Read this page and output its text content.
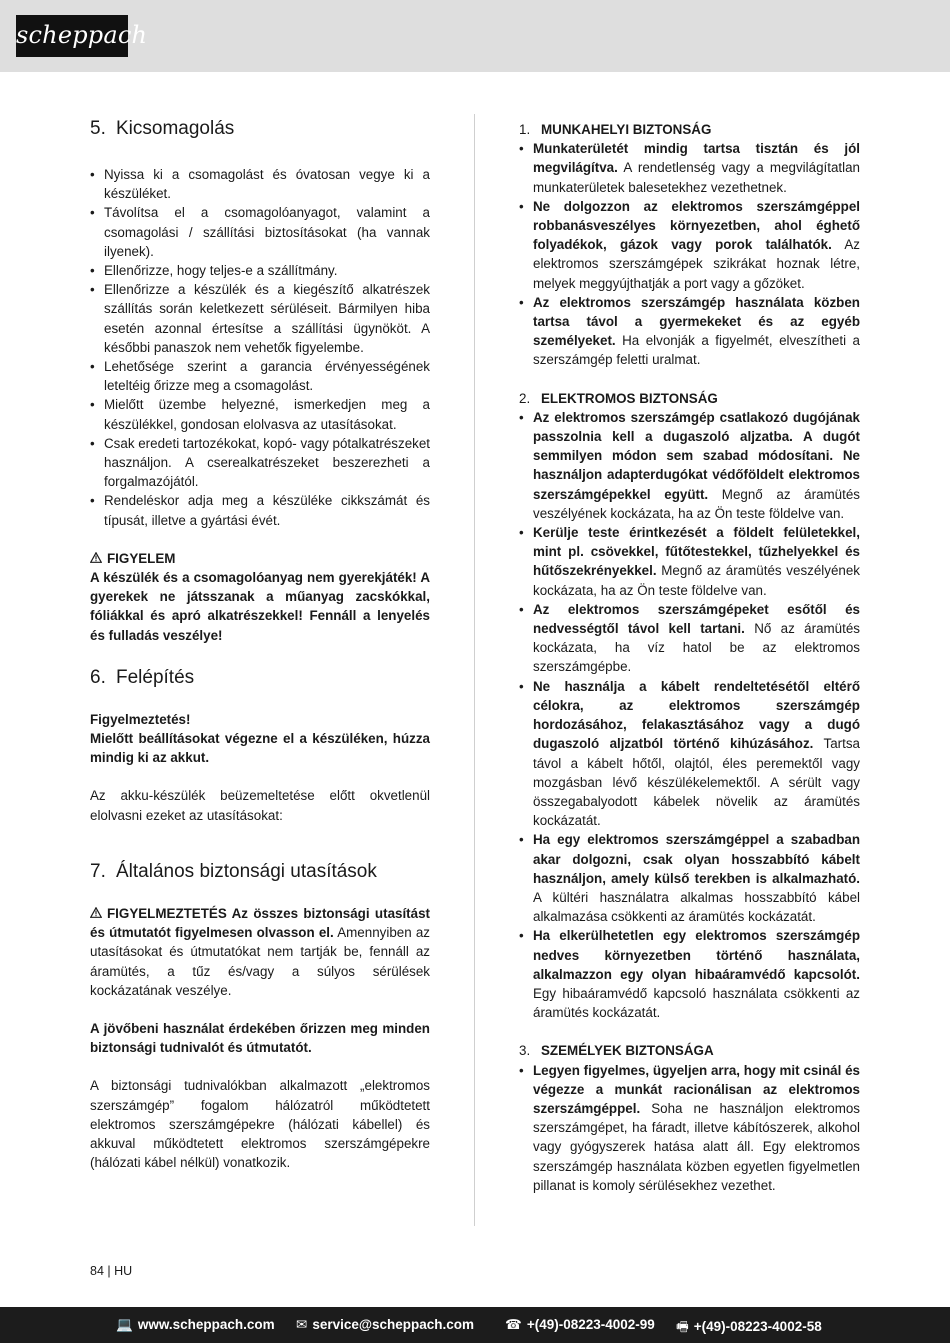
scheppach
5. Kicsomagolás
• Nyissa ki a csomagolást és óvatosan vegye ki a készüléket.
• Távolítsa el a csomagolóanyagot, valamint a csomagolási / szállítási biztosításokat (ha vannak ilyenek).
• Ellenőrizze, hogy teljes-e a szállítmány.
• Ellenőrizze a készülék és a kiegészítő alkatrészek szállítás során keletkezett sérüléseit. Bármilyen hiba esetén azonnal értesítse a szállítási ügynököt. A későbbi panaszok nem vehetők figyelembe.
• Lehetősége szerint a garancia érvényességének leteltéig őrizze meg a csomagolást.
• Mielőtt üzembe helyezné, ismerkedjen meg a készülékkel, gondosan elolvasva az utasításokat.
• Csak eredeti tartozékokat, kopó- vagy pótalkatrészeket használjon. A cserealkatrészeket beszerezheti a forgalmazójától.
• Rendeléskor adja meg a készüléke cikkszámát és típusát, illetve a gyártási évét.
FIGYELEM
A készülék és a csomagolóanyag nem gyerekjáték! A gyerekek ne játsszanak a műanyag zacskókkal, fóliákkal és apró alkatrészekkel! Fennáll a lenyelés és fulladás veszélye!
6. Felépítés
Figyelmeztetés!
Mielőtt beállításokat végezne el a készüléken, húzza mindig ki az akkut.
Az akku-készülék beüzemeltetése előtt okvetlenül elolvasni ezeket az utasításokat:
7. Általános biztonsági utasítások
FIGYELMEZTETÉS Az összes biztonsági utasítást és útmutatót figyelmesen olvasson el. Amennyiben az utasításokat és útmutatókat nem tartják be, fennáll az áramütés, a tűz és/vagy a súlyos sérülések kockázatának veszélye.
A jövőbeni használat érdekében őrizzen meg minden biztonsági tudnivalót és útmutatót.
A biztonsági tudnivalókban alkalmazott „elektromos szerszámgép” fogalom hálózatról működtetett elektromos szerszámgépekre (hálózati kábellel) és akkuval működtetett elektromos szerszámgépekre (hálózati kábel nélkül) vonatkozik.
1. MUNKAHELYI BIZTONSÁG
• Munkaterületét mindig tartsa tisztán és jól megvilágítva. A rendetlenség vagy a megvilágítatlan munkaterületek balesetekhez vezethetnek.
• Ne dolgozzon az elektromos szerszámgéppel robbanásveszélyes környezetben, ahol éghető folyadékok, gázok vagy porok találhatók. Az elektromos szerszámgépek szikrákat hoznak létre, melyek meggyújthatják a port vagy a gőzöket.
• Az elektromos szerszámgép használata közben tartsa távol a gyermekeket és az egyéb személyeket. Ha elvonják a figyelmét, elveszítheti a szerszámgép feletti uralmat.
2. ELEKTROMOS BIZTONSÁG
• Az elektromos szerszámgép csatlakozó dugójának passzolnia kell a dugaszoló aljzatba. A dugót semmilyen módon sem szabad módosítani. Ne használjon adapterdugókat védőföldelt elektromos szerszámgépekkel együtt. Megnő az áramütés veszélyének kockázata, ha az Ön teste földelve van.
• Kerülje teste érintkezését a földelt felületekkel, mint pl. csövekkel, fűtőtestekkel, tűzhelyekkel és hűtőszekrényekkel. Megnő az áramütés veszélyének kockázata, ha az Ön teste földelve van.
• Az elektromos szerszámgépeket esőtől és nedvességtől távol kell tartani. Nő az áramütés kockázata, ha víz hatol be az elektromos szerszámgépbe.
• Ne használja a kábelt rendeltetésétől eltérő célokra, az elektromos szerszámgép hordozásához, felakasztásához vagy a dugó dugaszoló aljzatból történő kihúzásához. Tartsa távol a kábelt hőtől, olajtól, éles peremektől vagy mozgásban lévő készülékelemektől. A sérült vagy összegabalyodott kábelek növelik az áramütés kockázatát.
• Ha egy elektromos szerszámgéppel a szabadban akar dolgozni, csak olyan hosszabbító kábelt használjon, amely külső terekben is alkalmazható. A kültéri használatra alkalmas hosszabbító kábel alkalmazása csökkenti az áramütés kockázatát.
• Ha elkerülhetetlen egy elektromos szerszámgép nedves környezetben történő használata, alkalmazzon egy olyan hibaáramvédő kapcsolót. Egy hibaáramvédő kapcsoló használata csökkenti az áramütés kockázatát.
3. SZEMÉLYEK BIZTONSÁGA
• Legyen figyelmes, ügyeljen arra, hogy mit csinál és végezze a munkát racionálisan az elektromos szerszámgéppel. Soha ne használjon elektromos szerszámgépet, ha fáradt, illetve kábítószerek, alkohol vagy gyógyszerek hatása alatt áll. Egy elektromos szerszámgép használata közben egyetlen figyelmetlen pillanat is komoly sérülésekhez vezethet.
84 | HU
💻 www.scheppach.com ✉ service@scheppach.com ☎ +(49)-08223-4002-99 🖷 +(49)-08223-4002-58
